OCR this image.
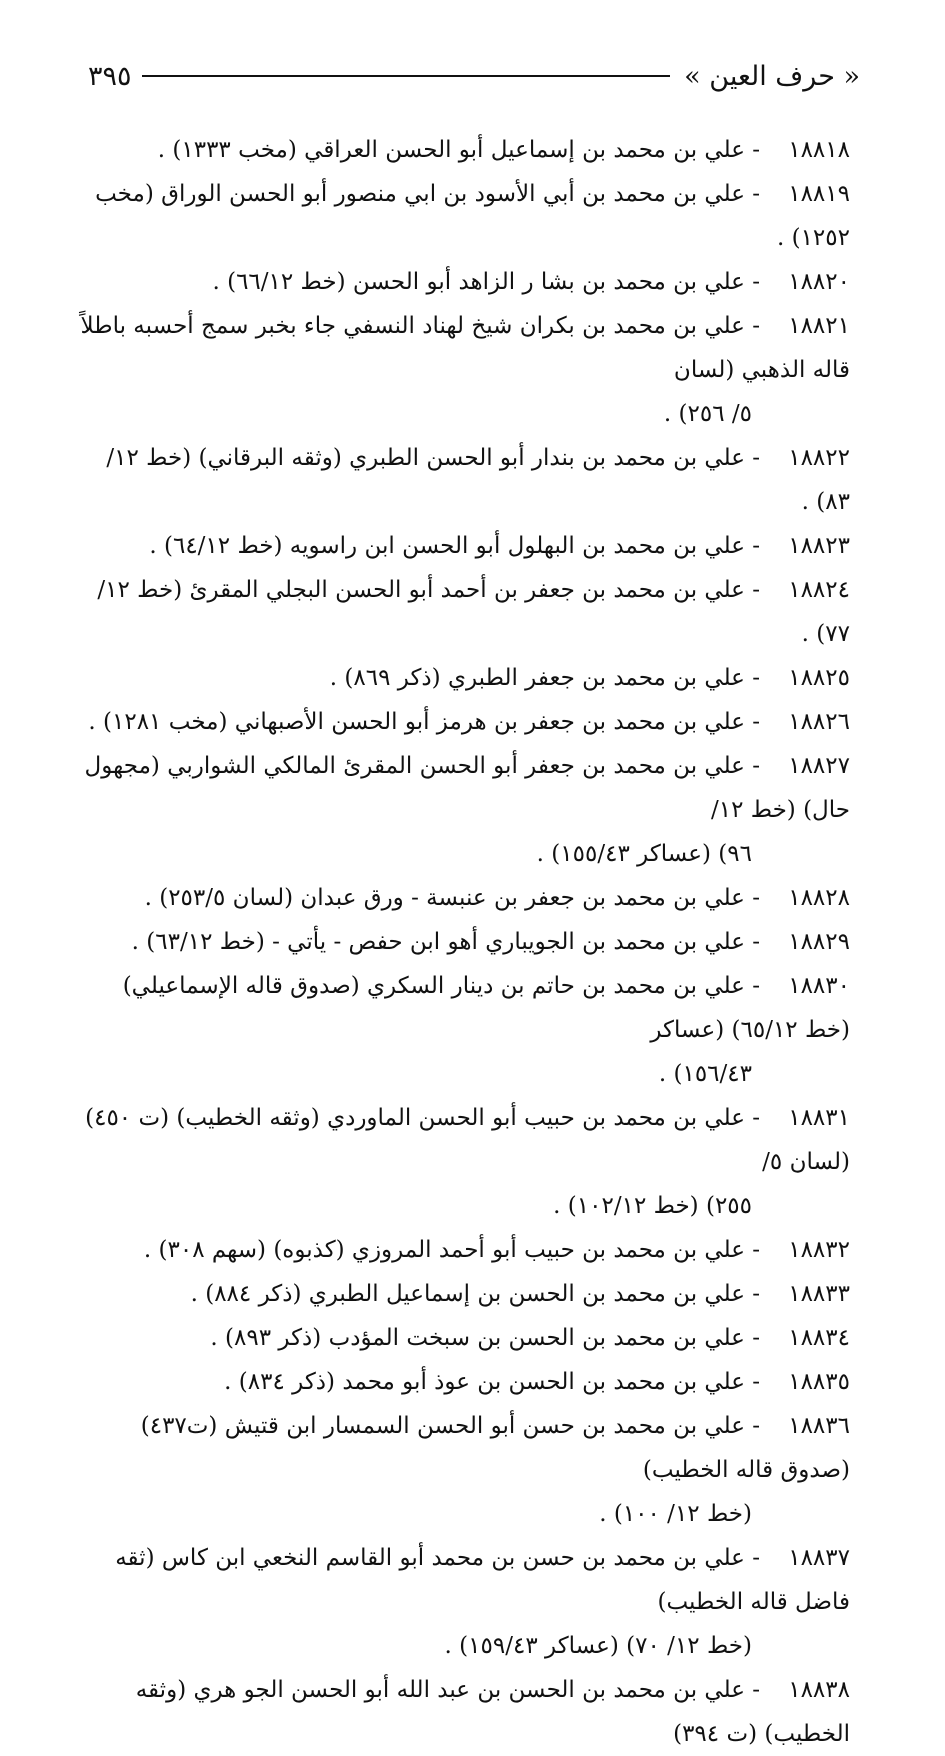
« حرف العين »
٣٩٥
١٨٨١٨- علي بن محمد بن إسماعيل أبو الحسن العراقي (مخب ١٣٣٣) .
١٨٨١٩- علي بن محمد بن أبي الأسود بن ابي منصور أبو الحسن الوراق (مخب ١٢٥٢) .
١٨٨٢٠- علي بن محمد بن بشا ر الزاهد أبو الحسن (خط ٦٦/١٢) .
١٨٨٢١- علي بن محمد بن بكران شيخ لهناد النسفي جاء بخبر سمج أحسبه باطلاً قاله الذهبي (لسان
٥/ ٢٥٦) .
١٨٨٢٢- علي بن محمد بن بندار أبو الحسن الطبري (وثقه البرقاني) (خط ١٢/ ٨٣) .
١٨٨٢٣- علي بن محمد بن البهلول أبو الحسن ابن راسويه (خط ٦٤/١٢) .
١٨٨٢٤- علي بن محمد بن جعفر بن أحمد أبو الحسن البجلي المقرئ (خط ١٢/ ٧٧) .
١٨٨٢٥- علي بن محمد بن جعفر الطبري (ذكر ٨٦٩) .
١٨٨٢٦- علي بن محمد بن جعفر بن هرمز أبو الحسن الأصبهاني (مخب ١٢٨١) .
١٨٨٢٧- علي بن محمد بن جعفر أبو الحسن المقرئ المالكي الشواربي (مجهول حال) (خط ١٢/
٩٦) (عساكر ١٥٥/٤٣) .
١٨٨٢٨- علي بن محمد بن جعفر بن عنبسة - ورق عبدان (لسان ٢٥٣/٥) .
١٨٨٢٩- علي بن محمد بن الجويباري أهو ابن حفص - يأتي - (خط ٦٣/١٢) .
١٨٨٣٠- علي بن محمد بن حاتم بن دينار السكري (صدوق قاله الإسماعيلي) (خط ٦٥/١٢) (عساكر
١٥٦/٤٣) .
١٨٨٣١- علي بن محمد بن حبيب أبو الحسن الماوردي (وثقه الخطيب) (ت ٤٥٠) (لسان ٥/
٢٥٥) (خط ١٠٢/١٢) .
١٨٨٣٢- علي بن محمد بن حبيب أبو أحمد المروزي (كذبوه) (سهم ٣٠٨) .
١٨٨٣٣- علي بن محمد بن الحسن بن إسماعيل الطبري (ذكر ٨٨٤) .
١٨٨٣٤- علي بن محمد بن الحسن بن سبخت المؤدب (ذكر ٨٩٣) .
١٨٨٣٥- علي بن محمد بن الحسن بن عوذ أبو محمد (ذكر ٨٣٤) .
١٨٨٣٦- علي بن محمد بن حسن أبو الحسن السمسار ابن قتيش (ت٤٣٧) (صدوق قاله الخطيب)
(خط ١٢/ ١٠٠) .
١٨٨٣٧- علي بن محمد بن حسن بن محمد أبو القاسم النخعي ابن كاس (ثقه فاضل قاله الخطيب)
(خط ١٢/ ٧٠) (عساكر ١٥٩/٤٣) .
١٨٨٣٨- علي بن محمد بن الحسن بن عبد الله أبو الحسن الجو هري (وثقه الخطيب) (ت ٣٩٤)
